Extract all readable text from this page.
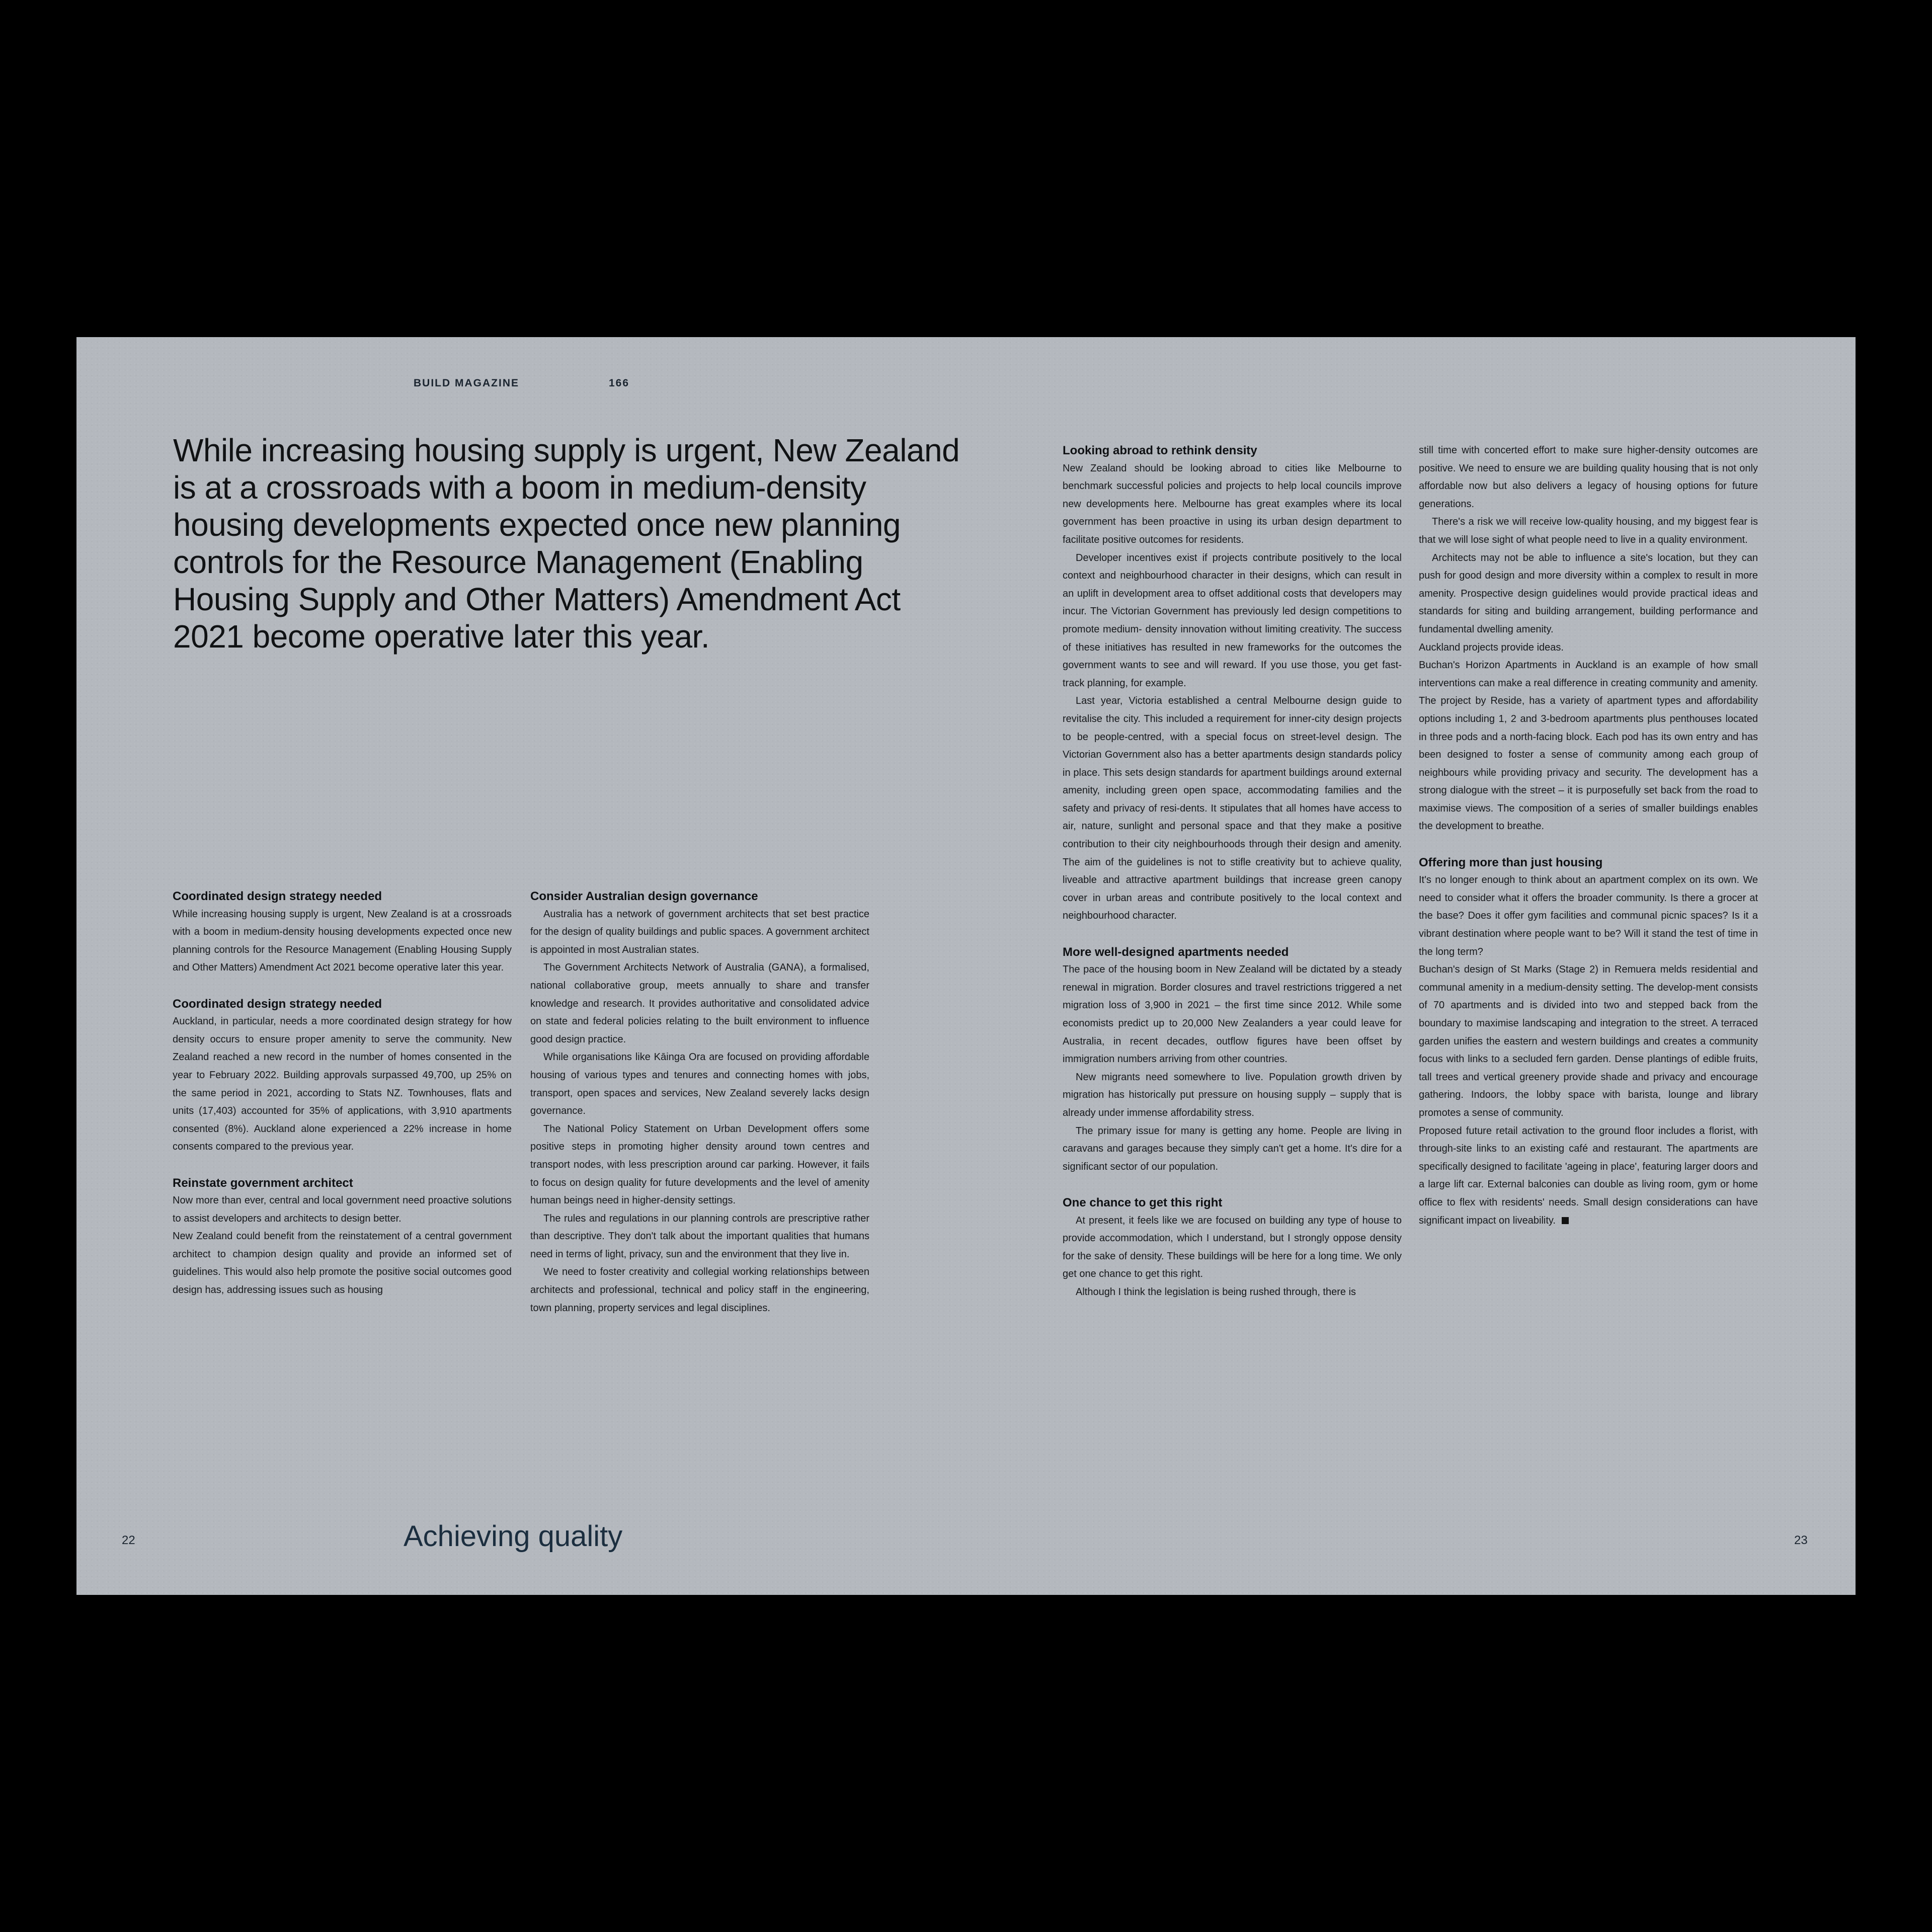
BUILD MAGAZINE	166
While increasing housing supply is urgent, New Zealand is at a crossroads with a boom in medium-density housing developments expected once new planning controls for the Resource Management (Enabling Housing Supply and Other Matters) Amendment Act 2021 become operative later this year.
Coordinated design strategy needed

While increasing housing supply is urgent, New Zealand is at a crossroads with a boom in medium-density housing developments expected once new planning controls for the Resource Management (Enabling Housing Supply and Other Matters) Amendment Act 2021 become operative later this year.

Coordinated design strategy needed

Auckland, in particular, needs a more coordinated design strategy for how density occurs to ensure proper amenity to serve the community. New Zealand reached a new record in the number of homes consented in the year to February 2022. Building approvals surpassed 49,700, up 25% on the same period in 2021, according to Stats NZ. Townhouses, flats and units (17,403) accounted for 35% of applications, with 3,910 apartments consented (8%). Auckland alone experienced a 22% increase in home consents compared to the previous year.

Reinstate government architect

Now more than ever, central and local government need proactive solutions to assist developers and architects to design better.

New Zealand could benefit from the reinstatement of a central government architect to champion design quality and provide an informed set of guidelines. This would also help promote the positive social outcomes good design has, addressing issues such as housing

Consider Australian design governance

Australia has a network of government architects that set best practice for the design of quality buildings and public spaces. A government architect is appointed in most Australian states.

The Government Architects Network of Australia (GANA), a formalised, national collaborative group, meets annually to share and transfer knowledge and research. It provides authoritative and consolidated advice on state and federal policies relating to the built environment to influence good design practice.

While organisations like Kāinga Ora are focused on providing affordable housing of various types and tenures and connecting homes with jobs, transport, open spaces and services, New Zealand severely lacks design governance.

The National Policy Statement on Urban Development offers some positive steps in promoting higher density around town centres and transport nodes, with less prescription around car parking. However, it fails to focus on design quality for future developments and the level of amenity human beings need in higher-density settings.

The rules and regulations in our planning controls are prescriptive rather than descriptive. They don't talk about the important qualities that humans need in terms of light, privacy, sun and the environment that they live in.

We need to foster creativity and collegial working relationships between architects and professional, technical and policy staff in the engineering, town planning, property services and legal disciplines.

Looking abroad to rethink density

New Zealand should be looking abroad to cities like Melbourne to benchmark successful policies and projects to help local councils improve new developments here. Melbourne has great examples where its local government has been proactive in using its urban design department to facilitate positive outcomes for residents.

Developer incentives exist if projects contribute positively to the local context and neighbourhood character in their designs, which can result in an uplift in development area to offset additional costs that developers may incur. The Victorian Government has previously led design competitions to promote medium- density innovation without limiting creativity. The success of these initiatives has resulted in new frameworks for the outcomes the government wants to see and will reward. If you use those, you get fast-track planning, for example.

Last year, Victoria established a central Melbourne design guide to revitalise the city. This included a requirement for inner-city design projects to be people-centred, with a special focus on street-level design. The Victorian Government also has a better apartments design standards policy in place. This sets design standards for apartment buildings around external amenity, including green open space, accommodating families and the safety and privacy of resi-dents. It stipulates that all homes have access to air, nature, sunlight and personal space and that they make a positive contribution to their city neighbourhoods through their design and amenity. The aim of the guidelines is not to stifle creativity but to achieve quality, liveable and attractive apartment buildings that increase green canopy cover in urban areas and contribute positively to the local context and neighbourhood character.

More well-designed apartments needed

The pace of the housing boom in New Zealand will be dictated by a steady renewal in migration. Border closures and travel restrictions triggered a net migration loss of 3,900 in 2021 – the first time since 2012. While some economists predict up to 20,000 New Zealanders a year could leave for Australia, in recent decades, outflow figures have been offset by immigration numbers arriving from other countries.

New migrants need somewhere to live. Population growth driven by migration has historically put pressure on housing supply – supply that is already under immense affordability stress.

The primary issue for many is getting any home. People are living in caravans and garages because they simply can't get a home. It's dire for a significant sector of our population.

One chance to get this right

At present, it feels like we are focused on building any type of house to provide accommodation, which I understand, but I strongly oppose density for the sake of density. These buildings will be here for a long time. We only get one chance to get this right.

Although I think the legislation is being rushed through, there is

still time with concerted effort to make sure higher-density outcomes are positive. We need to ensure we are building quality housing that is not only affordable now but also delivers a legacy of housing options for future generations.

There's a risk we will receive low-quality housing, and my biggest fear is that we will lose sight of what people need to live in a quality environment.

Architects may not be able to influence a site's location, but they can push for good design and more diversity within a complex to result in more amenity. Prospective design guidelines would provide practical ideas and standards for siting and building arrangement, building performance and fundamental dwelling amenity.

Auckland projects provide ideas.

Buchan's Horizon Apartments in Auckland is an example of how small interventions can make a real difference in creating community and amenity. The project by Reside, has a variety of apartment types and affordability options including 1, 2 and 3-bedroom apartments plus penthouses located in three pods and a north-facing block. Each pod has its own entry and has been designed to foster a sense of community among each group of neighbours while providing privacy and security. The development has a strong dialogue with the street – it is purposefully set back from the road to maximise views. The composition of a series of smaller buildings enables the development to breathe.

Offering more than just housing

It's no longer enough to think about an apartment complex on its own. We need to consider what it offers the broader community. Is there a grocer at the base? Does it offer gym facilities and communal picnic spaces? Is it a vibrant destination where people want to be? Will it stand the test of time in the long term?

Buchan's design of St Marks (Stage 2) in Remuera melds residential and communal amenity in a medium-density setting. The develop-ment consists of 70 apartments and is divided into two and stepped back from the boundary to maximise landscaping and integration to the street. A terraced garden unifies the eastern and western buildings and creates a community focus with links to a secluded fern garden. Dense plantings of edible fruits, tall trees and vertical greenery provide shade and privacy and encourage gathering. Indoors, the lobby space with barista, lounge and library promotes a sense of community.

Proposed future retail activation to the ground floor includes a florist, with through-site links to an existing café and restaurant. The apartments are specifically designed to facilitate 'ageing in place', featuring larger doors and a large lift car. External balconies can double as living room, gym or home office to flex with residents' needs. Small design considerations can have significant impact on liveability.

Achieving quality
22	23
